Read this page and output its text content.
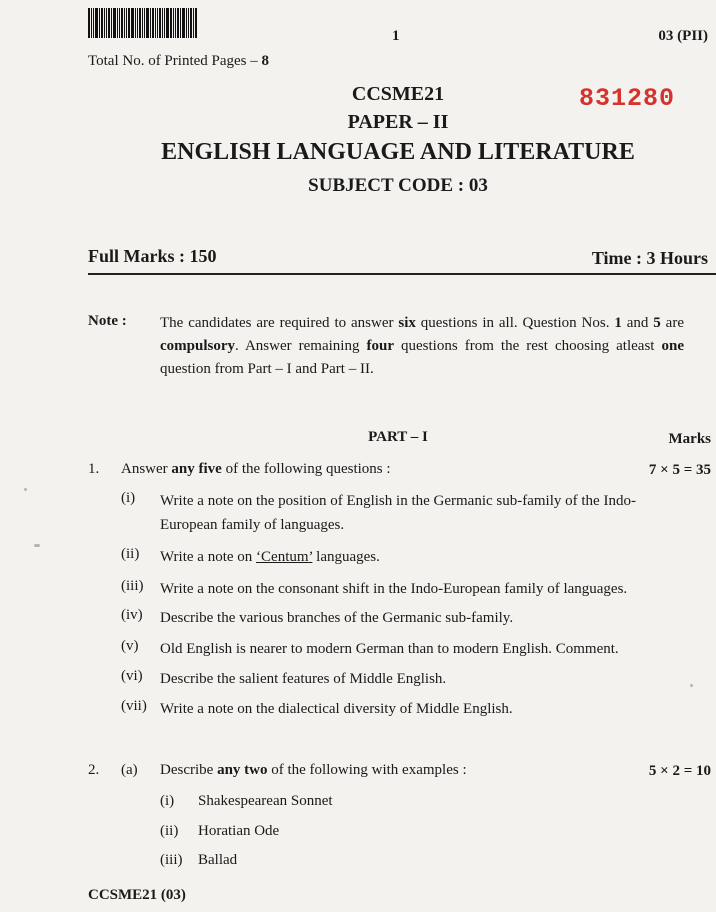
1	03 (PII)
Total No. of Printed Pages – 8
831280
CCSME21
PAPER – II
ENGLISH LANGUAGE AND LITERATURE
SUBJECT CODE : 03
Full Marks : 150	Time : 3 Hours
Note : The candidates are required to answer six questions in all. Question Nos. 1 and 5 are compulsory. Answer remaining four questions from the rest choosing atleast one question from Part – I and Part – II.
PART – I	Marks
1. Answer any five of the following questions :	7 × 5 = 35
(i)	Write a note on the position of English in the Germanic sub-family of the Indo-European family of languages.
(ii)	Write a note on ‘Centum’ languages.
(iii)	Write a note on the consonant shift in the Indo-European family of languages.
(iv)	Describe the various branches of the Germanic sub-family.
(v)	Old English is nearer to modern German than to modern English. Comment.
(vi)	Describe the salient features of Middle English.
(vii) Write a note on the dialectical diversity of Middle English.
2. (a) Describe any two of the following with examples :	5 × 2 = 10
(i) Shakespearean Sonnet
(ii) Horatian Ode
(iii) Ballad
CCSME21 (03)
